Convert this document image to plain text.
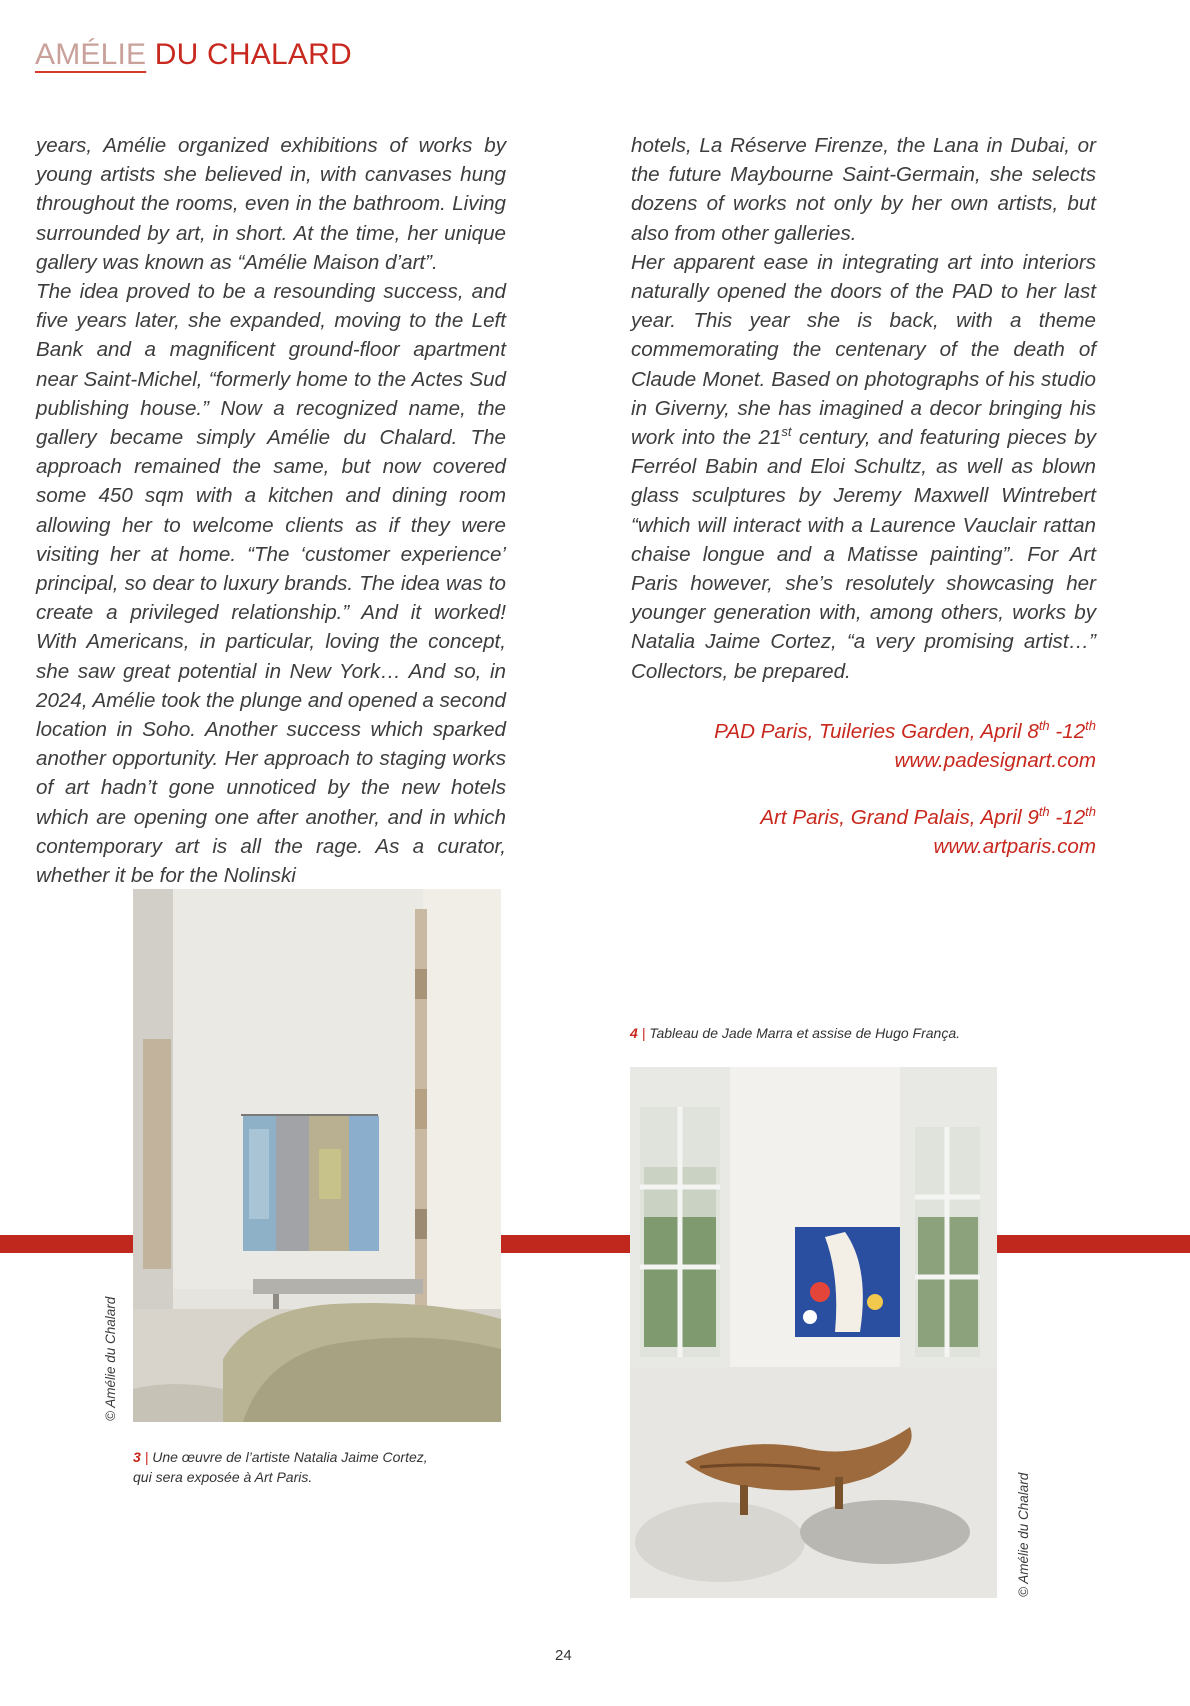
AMÉLIE DU CHALARD

years, Amélie organized exhibitions of works by young artists she believed in, with canvases hung throughout the rooms, even in the bathroom. Living surrounded by art, in short. At the time, her unique gallery was known as “Amélie Maison d’art”.

The idea proved to be a resounding success, and five years later, she expanded, moving to the Left Bank and a magnificent ground-floor apartment near Saint-Michel, “formerly home to the Actes Sud publishing house.” Now a recognized name, the gallery became simply Amélie du Chalard. The approach remained the same, but now covered some 450 sqm with a kitchen and dining room allowing her to welcome clients as if they were visiting her at home. “The ‘customer experience’ principal, so dear to luxury brands. The idea was to create a privileged relationship.” And it worked! With Americans, in particular, loving the concept, she saw great potential in New York… And so, in 2024, Amélie took the plunge and opened a second location in Soho. Another success which sparked another opportunity. Her approach to staging works of art hadn’t gone unnoticed by the new hotels which are opening one after another, and in which contemporary art is all the rage. As a curator, whether it be for the Nolinski

hotels, La Réserve Firenze, the Lana in Dubai, or the future Maybourne Saint-Germain, she selects dozens of works not only by her own artists, but also from other galleries.

Her apparent ease in integrating art into interiors naturally opened the doors of the PAD to her last year. This year she is back, with a theme commemorating the centenary of the death of Claude Monet. Based on photographs of his studio in Giverny, she has imagined a decor bringing his work into the 21st century, and featuring pieces by Ferréol Babin and Eloi Schultz, as well as blown glass sculptures by Jeremy Maxwell Wintrebert “which will interact with a Laurence Vauclair rattan chaise longue and a Matisse painting”. For Art Paris however, she’s resolutely showcasing her younger generation with, among others, works by Natalia Jaime Cortez, “a very promising artist…” Collectors, be prepared.

PAD Paris, Tuileries Garden, April 8th -12th
www.padesignart.com
Art Paris, Grand Palais, April 9th -12th
www.artparis.com
© Amélie du Chalard
3 | Une œuvre de l’artiste Natalia Jaime Cortez,
qui sera exposée à Art Paris.
4 | Tableau de Jade Marra et assise de Hugo França.
© Amélie du Chalard
24
